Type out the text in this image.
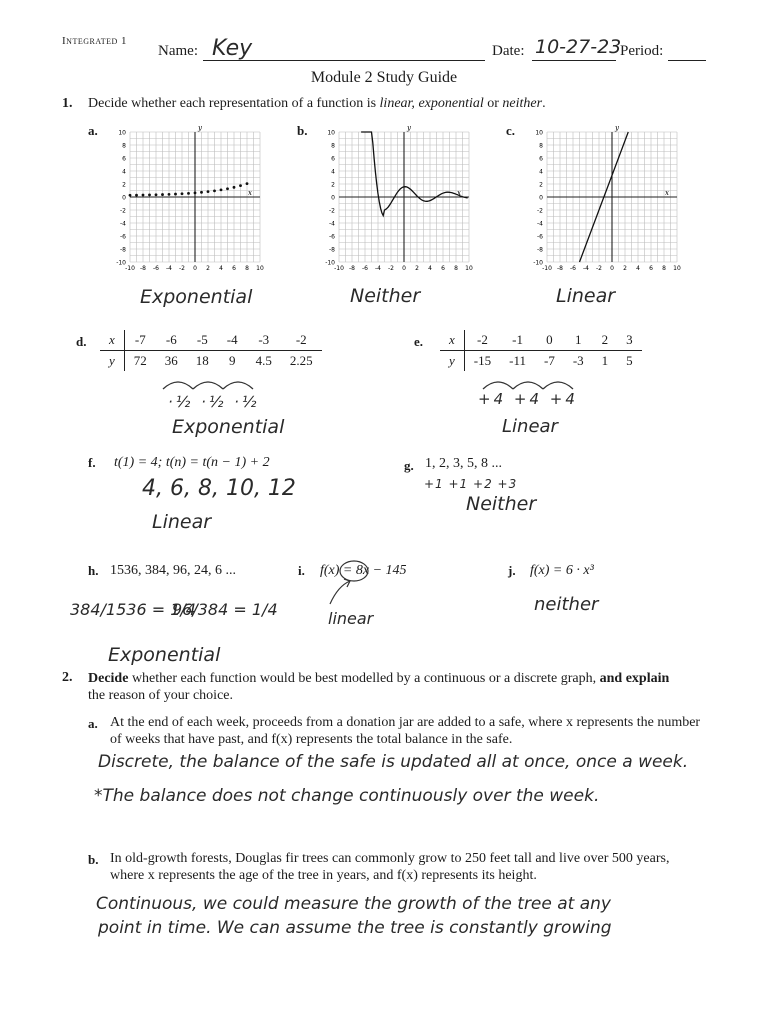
Integrated 1
Name: Key	Date: 10-27-23
Period:
Module 2 Study Guide
1. Decide whether each representation of a function is linear, exponential or neither.
a.	b.	c.
10
8
6
4
2
0
-2
-4
-6
-8
-10
-10 -8 -6 -4 -2 0 2 4 6 8 10
x
y
10
8
6
4
2
0
-2
-4
-6
-8
-10
-10 -8 -6 -4 -2 0 2 4 6 8 10
x
y
10
8
6
4
2
0
-2
-4
-6
-8
-10
-10 -8 -6 -4 -2 0 2 4 6 8 10
x
y
Exponential	Neither	Linear
d. x	-7	-6	-5	-4	-3	-2
y	72	36	18	9	4.5	2.25
·½ ·½ ·½
Exponential
e. x	-2	-1	0	1	2	3
y	-15	-11	-7	-3	1	5
+4 +4 +4
Linear
f. t(1) = 4; t(n) = t(n − 1) + 2
4, 6, 8, 10, 12
Linear
g. 1, 2, 3, 5, 8 ...
+1 +1 +2 +3
Neither
h. 1536, 384, 96, 24, 6 ...
384/1536 = 1/4
96/384 = 1/4
Exponential
i. f(x) = 8x − 145
linear
j. f(x) = 6 · x³
neither
2. Decide whether each function would be best modelled by a continuous or a discrete graph, and explain the reason of your choice.
a. At the end of each week, proceeds from a donation jar are added to a safe, where x represents the number of weeks that have past, and f(x) represents the total balance in the safe.
Discrete, the balance of the safe is updated all at once, once a week.
*The balance does not change continuously over the week.
b. In old-growth forests, Douglas fir trees can commonly grow to 250 feet tall and live over 500 years, where x represents the age of the tree in years, and f(x) represents its height.
Continuous, we could measure the growth of the tree at any
point in time. We can assume the tree is constantly growing
